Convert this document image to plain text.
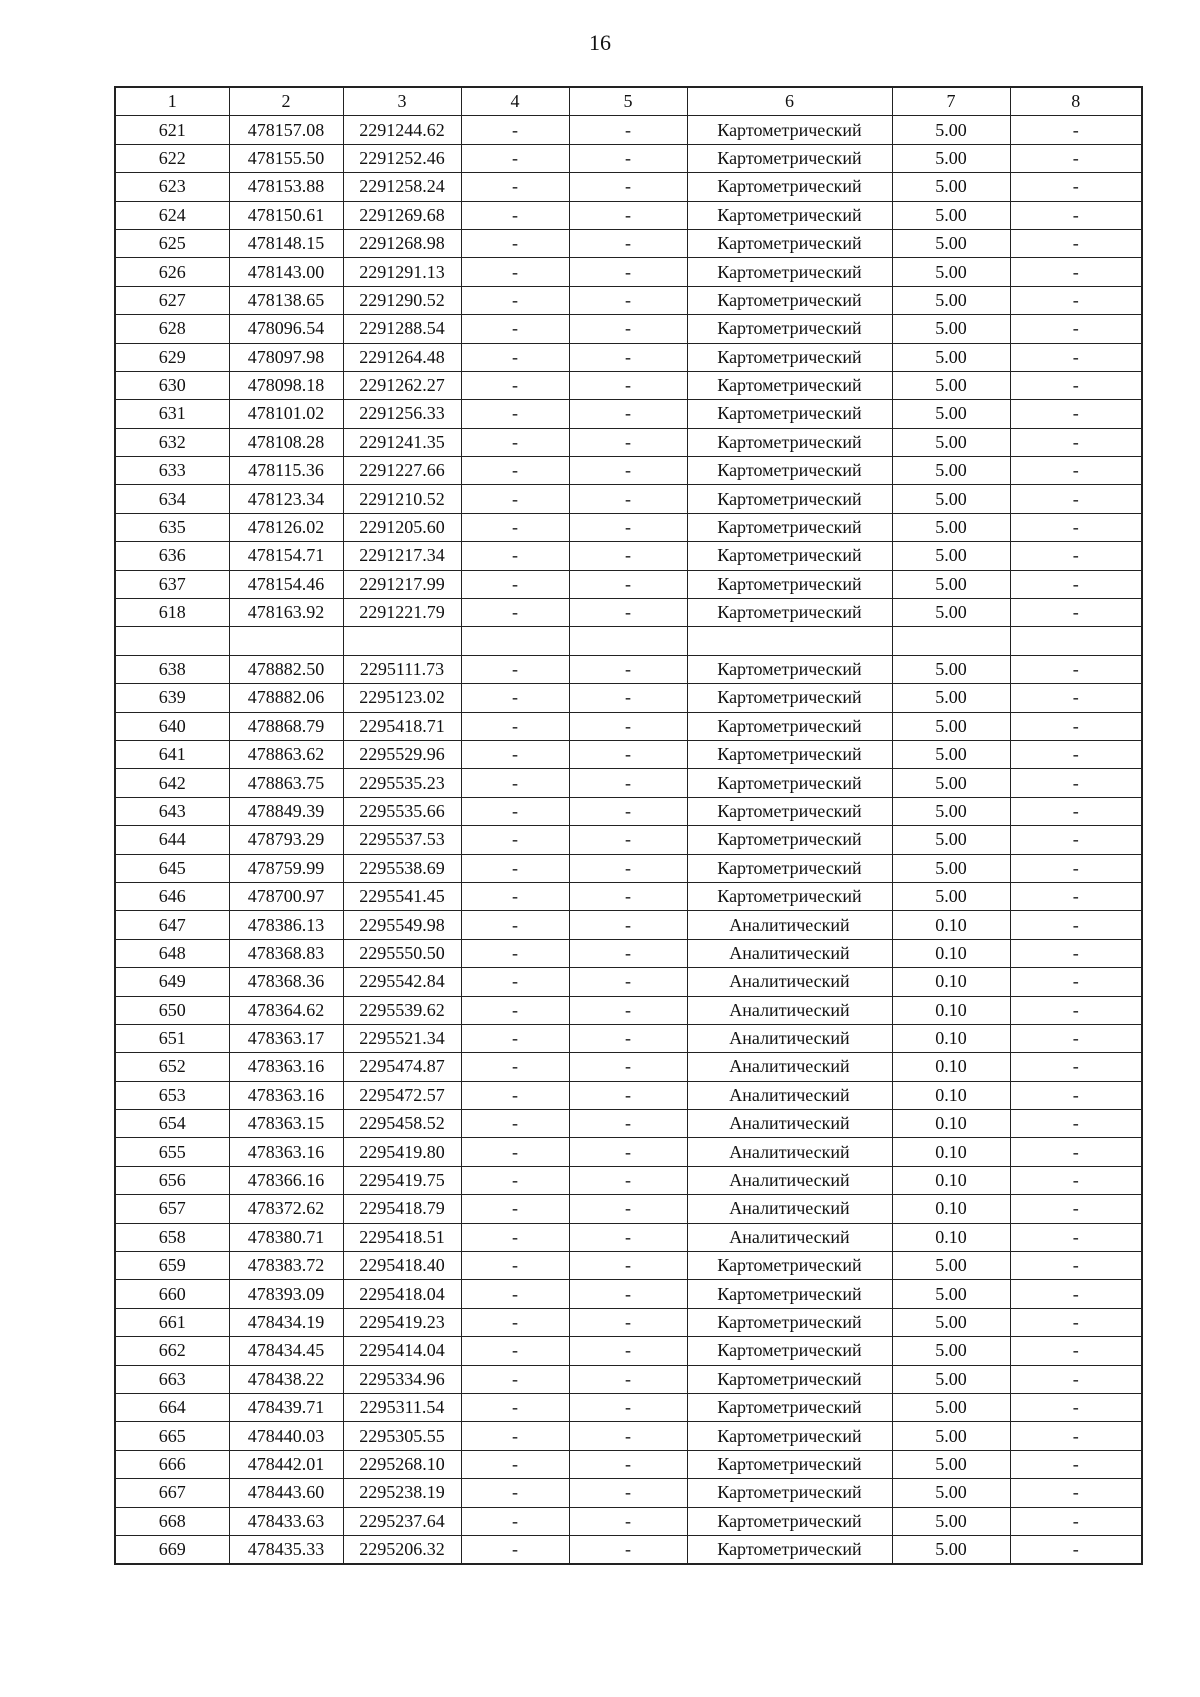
16
1	2	3	4	5	6	7	8
621	478157.08	2291244.62	-	-	Картометрический	5.00	-
622	478155.50	2291252.46	-	-	Картометрический	5.00	-
623	478153.88	2291258.24	-	-	Картометрический	5.00	-
624	478150.61	2291269.68	-	-	Картометрический	5.00	-
625	478148.15	2291268.98	-	-	Картометрический	5.00	-
626	478143.00	2291291.13	-	-	Картометрический	5.00	-
627	478138.65	2291290.52	-	-	Картометрический	5.00	-
628	478096.54	2291288.54	-	-	Картометрический	5.00	-
629	478097.98	2291264.48	-	-	Картометрический	5.00	-
630	478098.18	2291262.27	-	-	Картометрический	5.00	-
631	478101.02	2291256.33	-	-	Картометрический	5.00	-
632	478108.28	2291241.35	-	-	Картометрический	5.00	-
633	478115.36	2291227.66	-	-	Картометрический	5.00	-
634	478123.34	2291210.52	-	-	Картометрический	5.00	-
635	478126.02	2291205.60	-	-	Картометрический	5.00	-
636	478154.71	2291217.34	-	-	Картометрический	5.00	-
637	478154.46	2291217.99	-	-	Картометрический	5.00	-
618	478163.92	2291221.79	-	-	Картометрический	5.00	-

638	478882.50	2295111.73	-	-	Картометрический	5.00	-
639	478882.06	2295123.02	-	-	Картометрический	5.00	-
640	478868.79	2295418.71	-	-	Картометрический	5.00	-
641	478863.62	2295529.96	-	-	Картометрический	5.00	-
642	478863.75	2295535.23	-	-	Картометрический	5.00	-
643	478849.39	2295535.66	-	-	Картометрический	5.00	-
644	478793.29	2295537.53	-	-	Картометрический	5.00	-
645	478759.99	2295538.69	-	-	Картометрический	5.00	-
646	478700.97	2295541.45	-	-	Картометрический	5.00	-
647	478386.13	2295549.98	-	-	Аналитический	0.10	-
648	478368.83	2295550.50	-	-	Аналитический	0.10	-
649	478368.36	2295542.84	-	-	Аналитический	0.10	-
650	478364.62	2295539.62	-	-	Аналитический	0.10	-
651	478363.17	2295521.34	-	-	Аналитический	0.10	-
652	478363.16	2295474.87	-	-	Аналитический	0.10	-
653	478363.16	2295472.57	-	-	Аналитический	0.10	-
654	478363.15	2295458.52	-	-	Аналитический	0.10	-
655	478363.16	2295419.80	-	-	Аналитический	0.10	-
656	478366.16	2295419.75	-	-	Аналитический	0.10	-
657	478372.62	2295418.79	-	-	Аналитический	0.10	-
658	478380.71	2295418.51	-	-	Аналитический	0.10	-
659	478383.72	2295418.40	-	-	Картометрический	5.00	-
660	478393.09	2295418.04	-	-	Картометрический	5.00	-
661	478434.19	2295419.23	-	-	Картометрический	5.00	-
662	478434.45	2295414.04	-	-	Картометрический	5.00	-
663	478438.22	2295334.96	-	-	Картометрический	5.00	-
664	478439.71	2295311.54	-	-	Картометрический	5.00	-
665	478440.03	2295305.55	-	-	Картометрический	5.00	-
666	478442.01	2295268.10	-	-	Картометрический	5.00	-
667	478443.60	2295238.19	-	-	Картометрический	5.00	-
668	478433.63	2295237.64	-	-	Картометрический	5.00	-
669	478435.33	2295206.32	-	-	Картометрический	5.00	-
